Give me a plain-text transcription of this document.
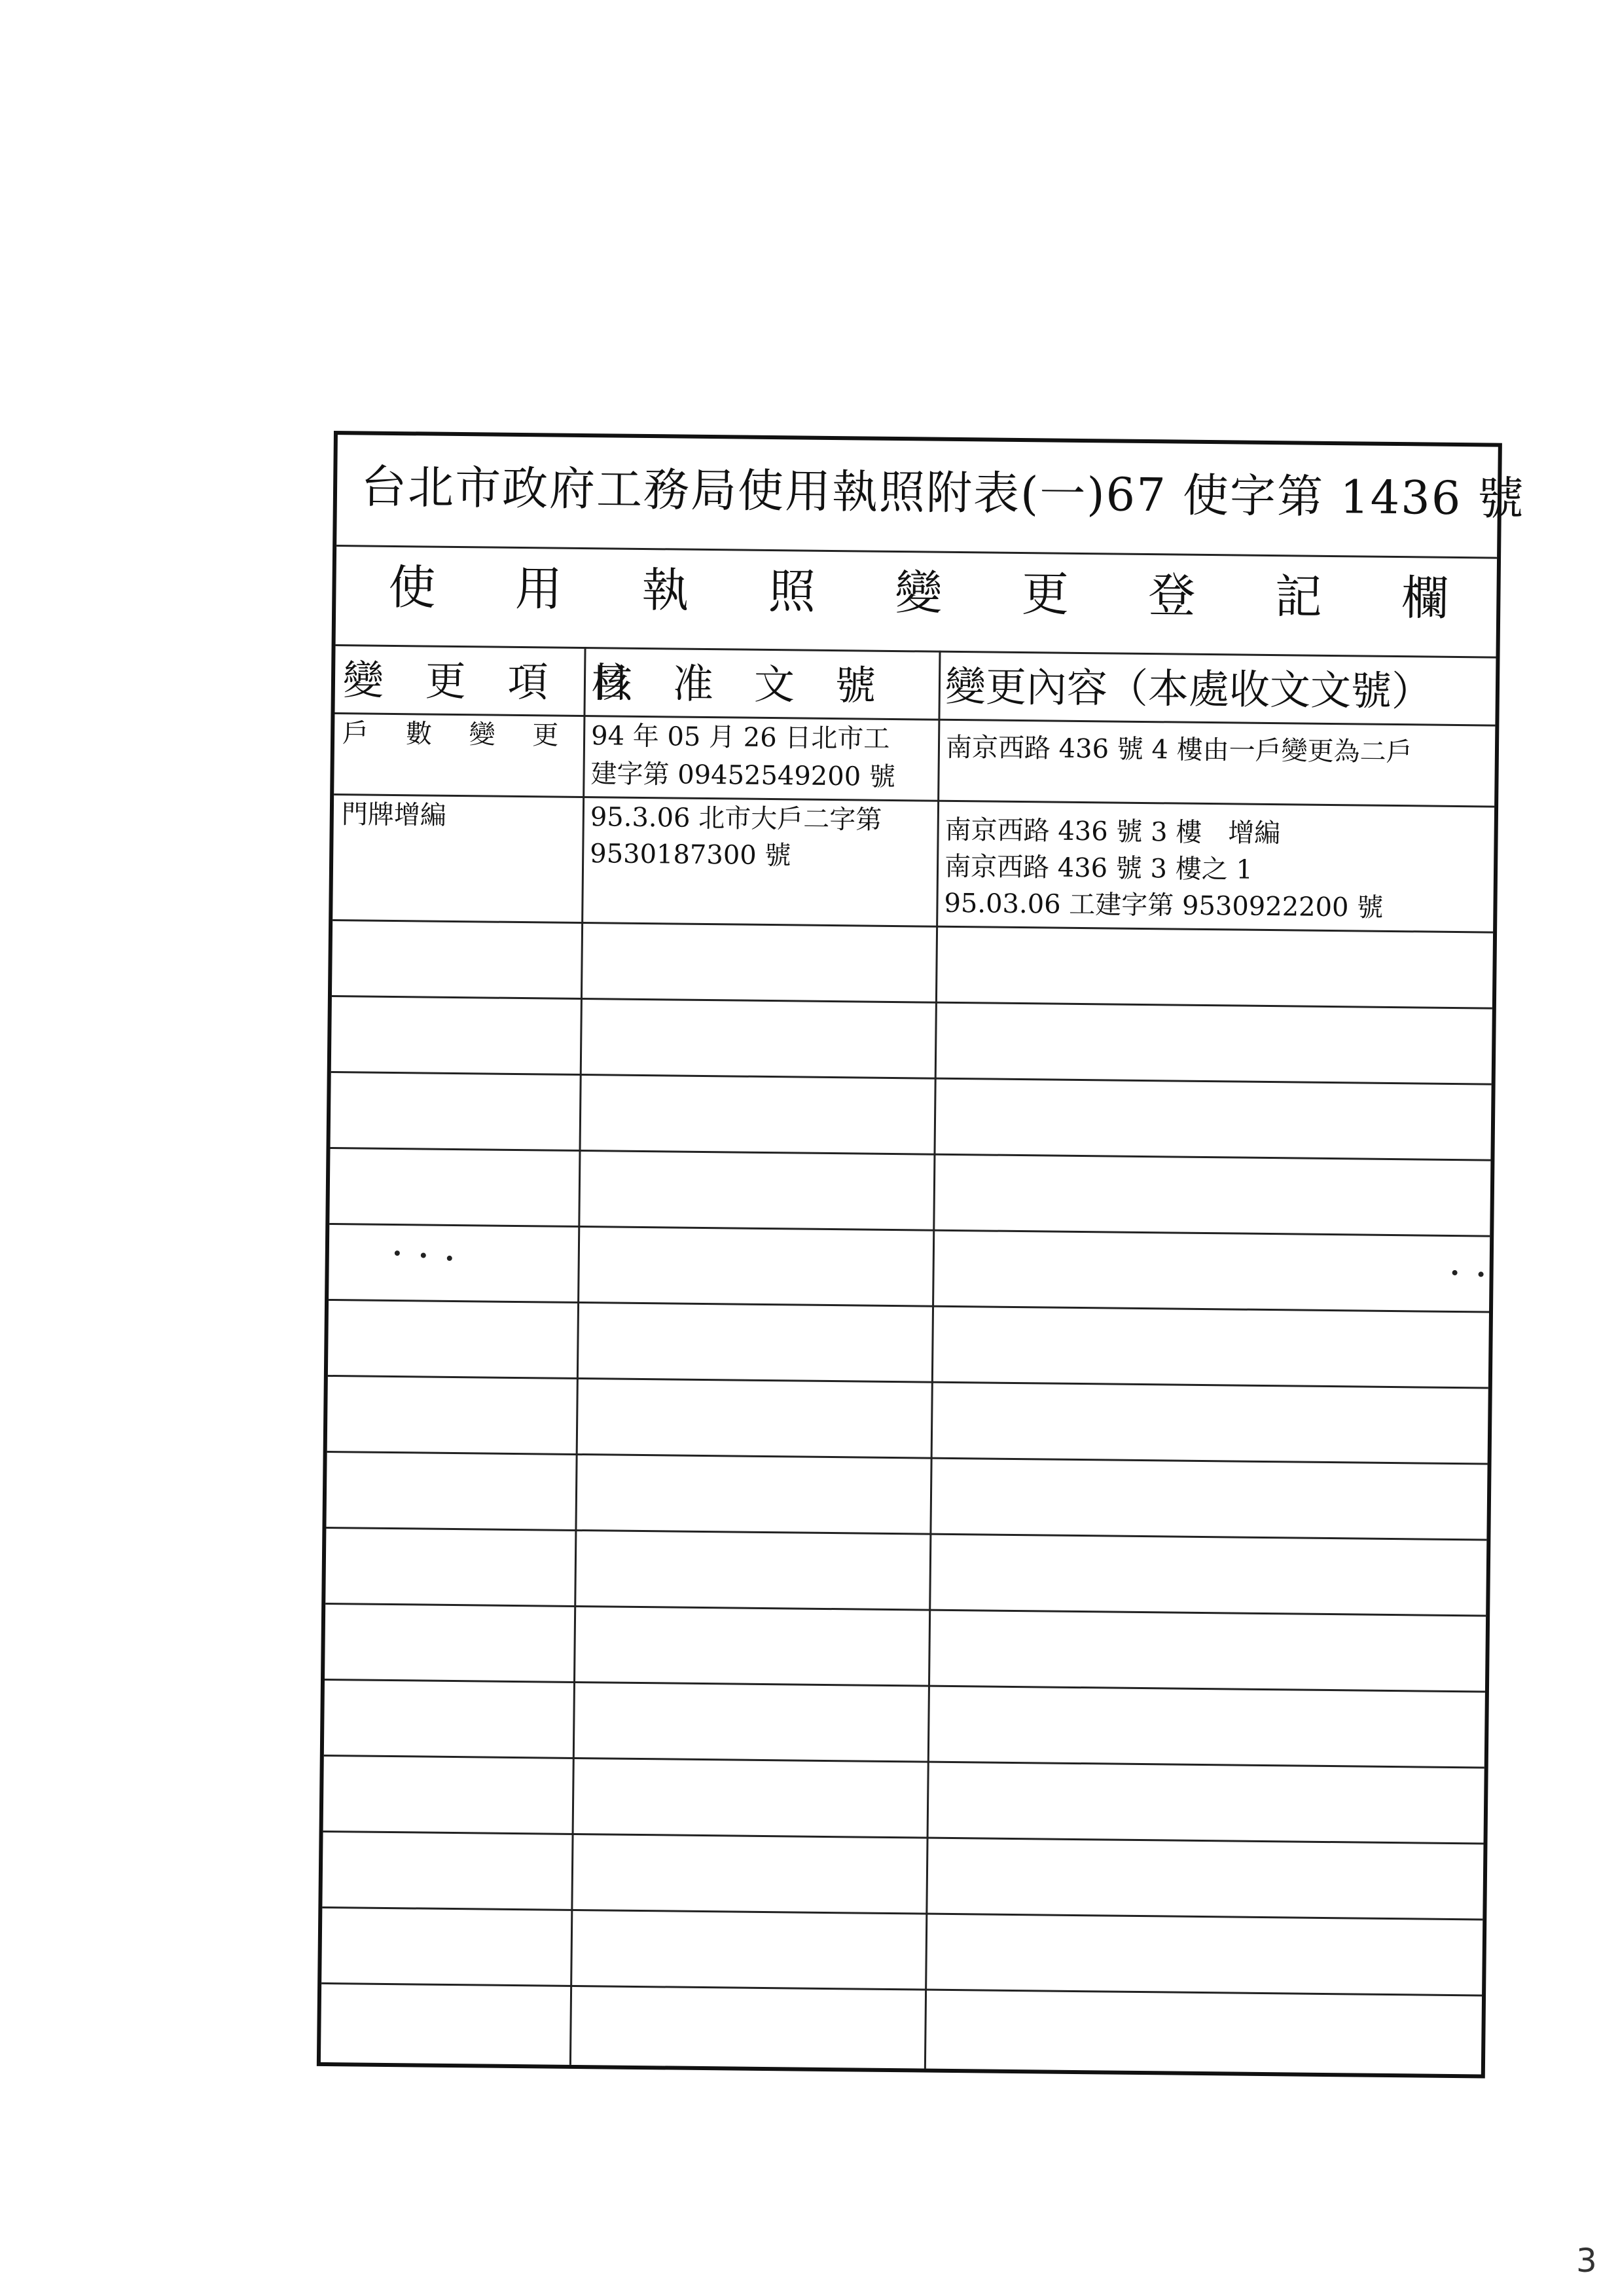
台北市政府工務局使用執照附表(一)67 使字第 1436 號
使 用 執 照 變 更 登 記 欄
變 更 項 目
核　准　文　號	變更內容（本處收文文號）
戶 數 變 更 94 年 05 月 26 日北市工
建字第 09452549200 號
南京西路 436 號 4 樓由一戶變更為二戶
門牌增編	95.3.06 北市大戶二字第
9530187300 號
南京西路 436 號 3 樓　增編
南京西路 436 號 3 樓之 1
95.03.06 工建字第 9530922200 號
3
